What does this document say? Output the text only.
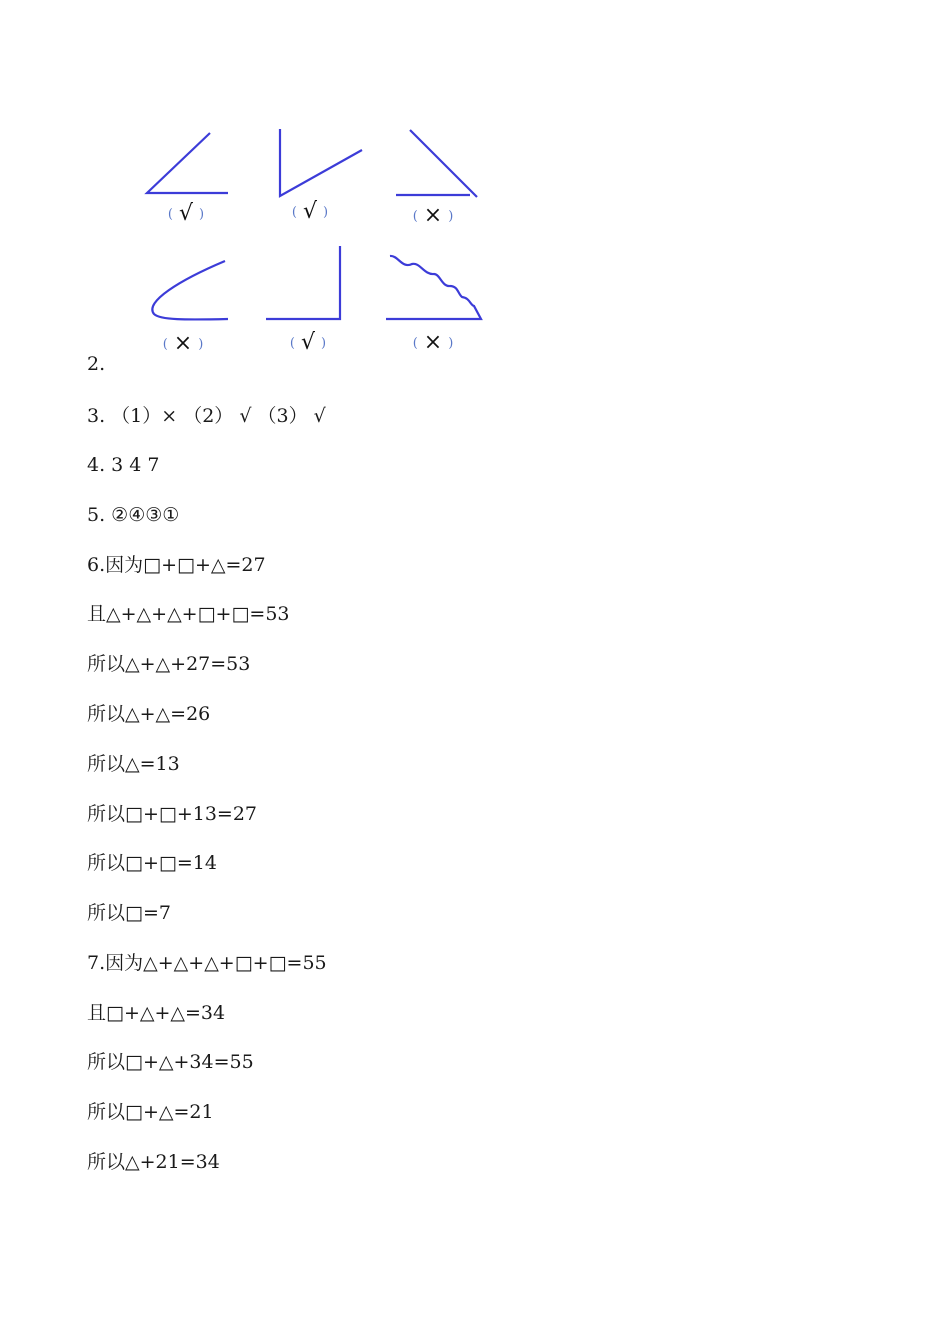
( √ )	( √ )	( × )
( × )	( √ )	( × )
2.
3. （1）× （2） √ （3） √
4. 3 4 7
5. ②④③①
6.因为□+□+△=27
且△+△+△+□+□=53
所以△+△+27=53
所以△+△=26
所以△=13
所以□+□+13=27
所以□+□=14
所以□=7
7.因为△+△+△+□+□=55
且□+△+△=34
所以□+△+34=55
所以□+△=21
所以△+21=34
